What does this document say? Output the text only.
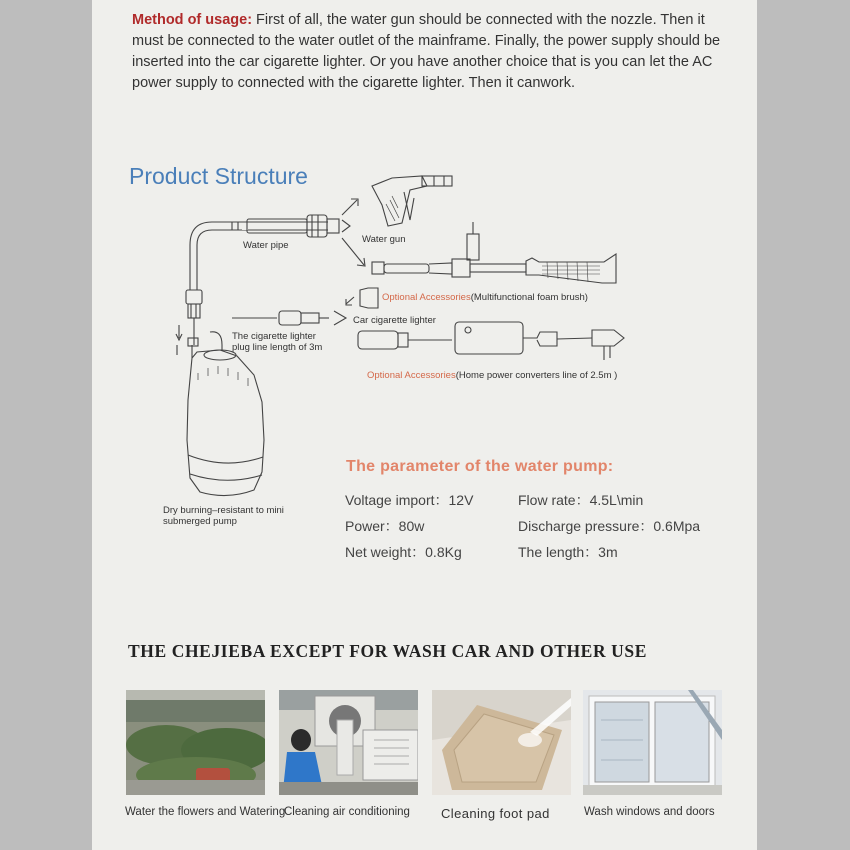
Method of usage: First of all, the water gun should be connected with the nozzle. Then it must be connected to the water outlet of the mainframe. Finally, the power supply should be inserted into the car cigarette lighter. Or you have another choice that is you can let the AC power supply to connected with the cigarette lighter. Then it canwork.

Product Structure
Water pipe
Water gun
Optional Accessories(Multifunctional foam brush)
Car cigarette lighter
The cigarette lighter
plug line length of 3m
Optional Accessories(Home power converters line of 2.5m )
Dry burning–resistant to mini
submerged pump
The parameter of the water pump:
Voltage import：12V
Power：80w
Net weight：0.8Kg
Flow rate：4.5L\min
Discharge pressure：0.6Mpa
The length：3m
THE CHEJIEBA EXCEPT FOR WASH CAR AND OTHER USE
Water the flowers and Watering
Cleaning air conditioning Cleaning foot pad	Wash windows and doors
